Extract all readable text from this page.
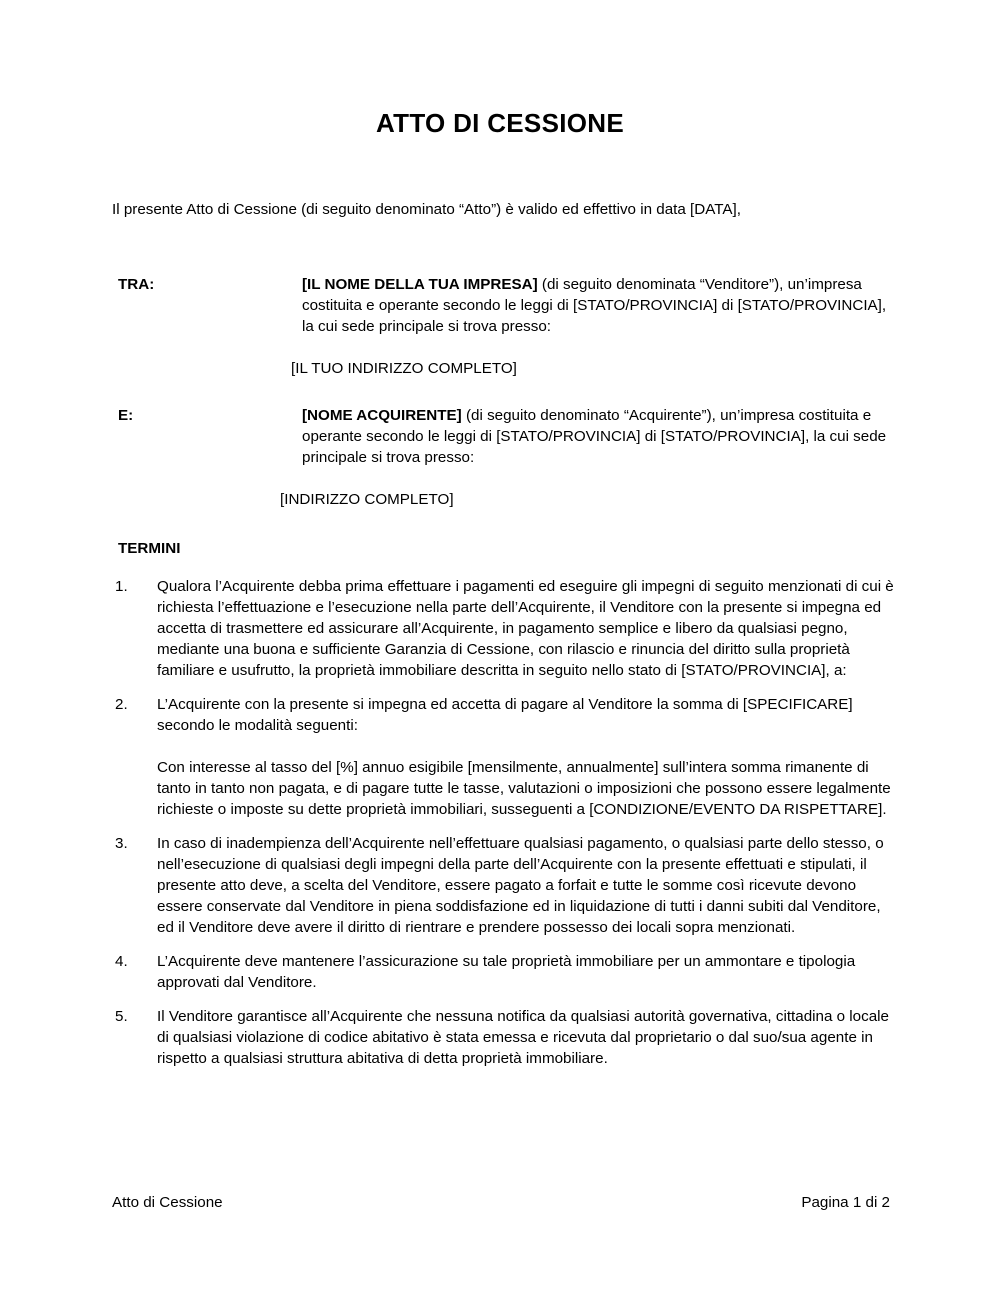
ATTO DI CESSIONE
Il presente Atto di Cessione (di seguito denominato “Atto”) è valido ed effettivo in data [DATA],
TRA:	[IL NOME DELLA TUA IMPRESA] (di seguito denominata “Venditore”), un’impresa costituita e operante secondo le leggi di [STATO/PROVINCIA] di [STATO/PROVINCIA], la cui sede principale si trova presso:
[IL TUO INDIRIZZO COMPLETO]
E:	[NOME ACQUIRENTE] (di seguito denominato “Acquirente”), un’impresa costituita e operante secondo le leggi di [STATO/PROVINCIA] di [STATO/PROVINCIA], la cui sede principale si trova presso:
[INDIRIZZO COMPLETO]
TERMINI
1.	Qualora l’Acquirente debba prima effettuare i pagamenti ed eseguire gli impegni di seguito menzionati di cui è richiesta l’effettuazione e l’esecuzione nella parte dell’Acquirente, il Venditore con la presente si impegna ed accetta di trasmettere ed assicurare all’Acquirente, in pagamento semplice e libero da qualsiasi pegno, mediante una buona e sufficiente Garanzia di Cessione, con rilascio e rinuncia del diritto sulla proprietà familiare e usufrutto, la proprietà immobiliare descritta in seguito nello stato di [STATO/PROVINCIA], a:
2.	L’Acquirente con la presente si impegna ed accetta di pagare al Venditore la somma di [SPECIFICARE] secondo le modalità seguenti:
Con interesse al tasso del [%] annuo esigibile [mensilmente, annualmente] sull’intera somma rimanente di tanto in tanto non pagata, e di pagare tutte le tasse, valutazioni o imposizioni che possono essere legalmente richieste o imposte su dette proprietà immobiliari, susseguenti a [CONDIZIONE/EVENTO DA RISPETTARE].
3.	In caso di inadempienza dell’Acquirente nell’effettuare qualsiasi pagamento, o qualsiasi parte dello stesso, o nell’esecuzione di qualsiasi degli impegni della parte dell’Acquirente con la presente effettuati e stipulati, il presente atto deve, a scelta del Venditore, essere pagato a forfait e tutte le somme così ricevute devono essere conservate dal Venditore in piena soddisfazione ed in liquidazione di tutti i danni subiti dal Venditore, ed il Venditore deve avere il diritto di rientrare e prendere possesso dei locali sopra menzionati.
4.	L’Acquirente deve mantenere l’assicurazione su tale proprietà immobiliare per un ammontare e tipologia approvati dal Venditore.
5.	Il Venditore garantisce all’Acquirente che nessuna notifica da qualsiasi autorità governativa, cittadina o locale di qualsiasi violazione di codice abitativo è stata emessa e ricevuta dal proprietario o dal suo/sua agente in rispetto a qualsiasi struttura abitativa di detta proprietà immobiliare.
Atto di Cessione	Pagina 1 di 2
